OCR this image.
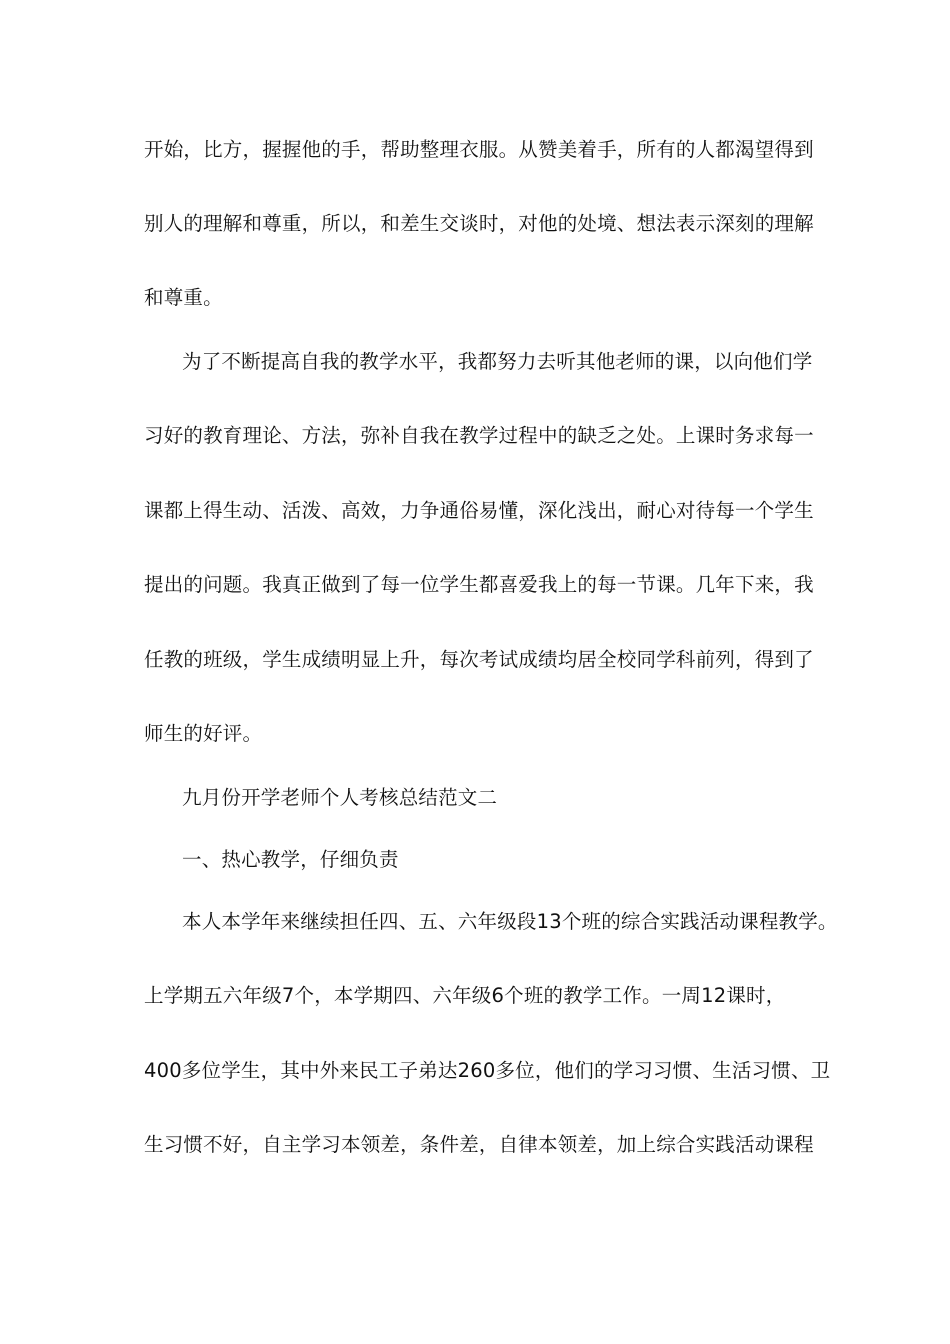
开始，比方，握握他的手，帮助整理衣服。从赞美着手，所有的人都渴望得到
别人的理解和尊重，所以，和差生交谈时，对他的处境、想法表示深刻的理解
和尊重。
为了不断提高自我的教学水平，我都努力去听其他老师的课，以向他们学
习好的教育理论、方法，弥补自我在教学过程中的缺乏之处。上课时务求每一
课都上得生动、活泼、高效，力争通俗易懂，深化浅出，耐心对待每一个学生
提出的问题。我真正做到了每一位学生都喜爱我上的每一节课。几年下来，我
任教的班级，学生成绩明显上升，每次考试成绩均居全校同学科前列，得到了
师生的好评。
九月份开学老师个人考核总结范文二
一、热心教学，仔细负责
本人本学年来继续担任四、五、六年级段13个班的综合实践活动课程教学。
上学期五六年级7个，本学期四、六年级6个班的教学工作。一周12课时，
400多位学生，其中外来民工子弟达260多位，他们的学习习惯、生活习惯、卫
生习惯不好，自主学习本领差，条件差，自律本领差，加上综合实践活动课程
